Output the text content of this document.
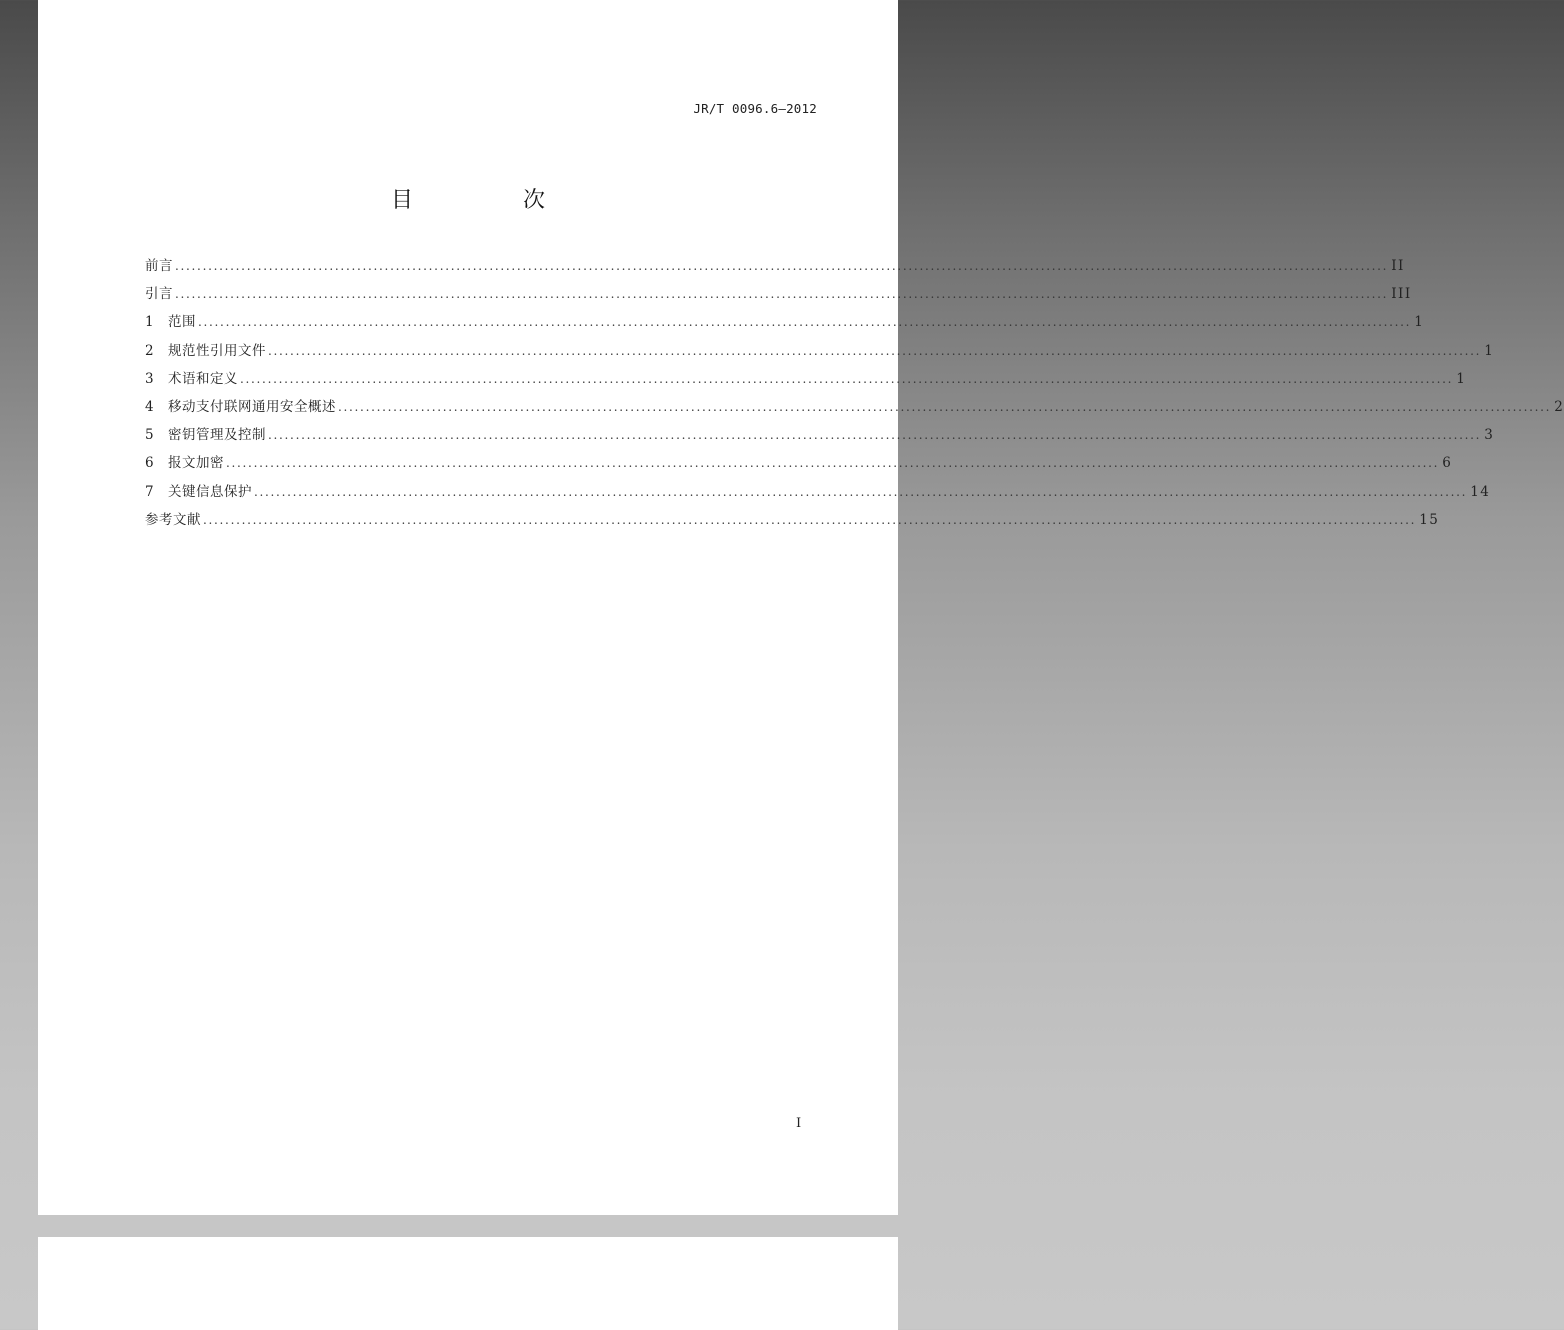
JR/T 0096.6—2012
目　次
前言 ............................................................................................................................................................................................................................ II
引言 ............................................................................................................................................................................................................................ III
1	范围 ............................................................................................................................................................................................................................ 1
2	规范性引用文件 ............................................................................................................................................................................................................................ 1
3	术语和定义 ............................................................................................................................................................................................................................ 1
4	移动支付联网通用安全概述 ............................................................................................................................................................................................................................ 2
5	密钥管理及控制 ............................................................................................................................................................................................................................ 3
6	报文加密 ............................................................................................................................................................................................................................ 6
7	关键信息保护 ............................................................................................................................................................................................................................ 14
参考文献 ............................................................................................................................................................................................................................ 15
I
